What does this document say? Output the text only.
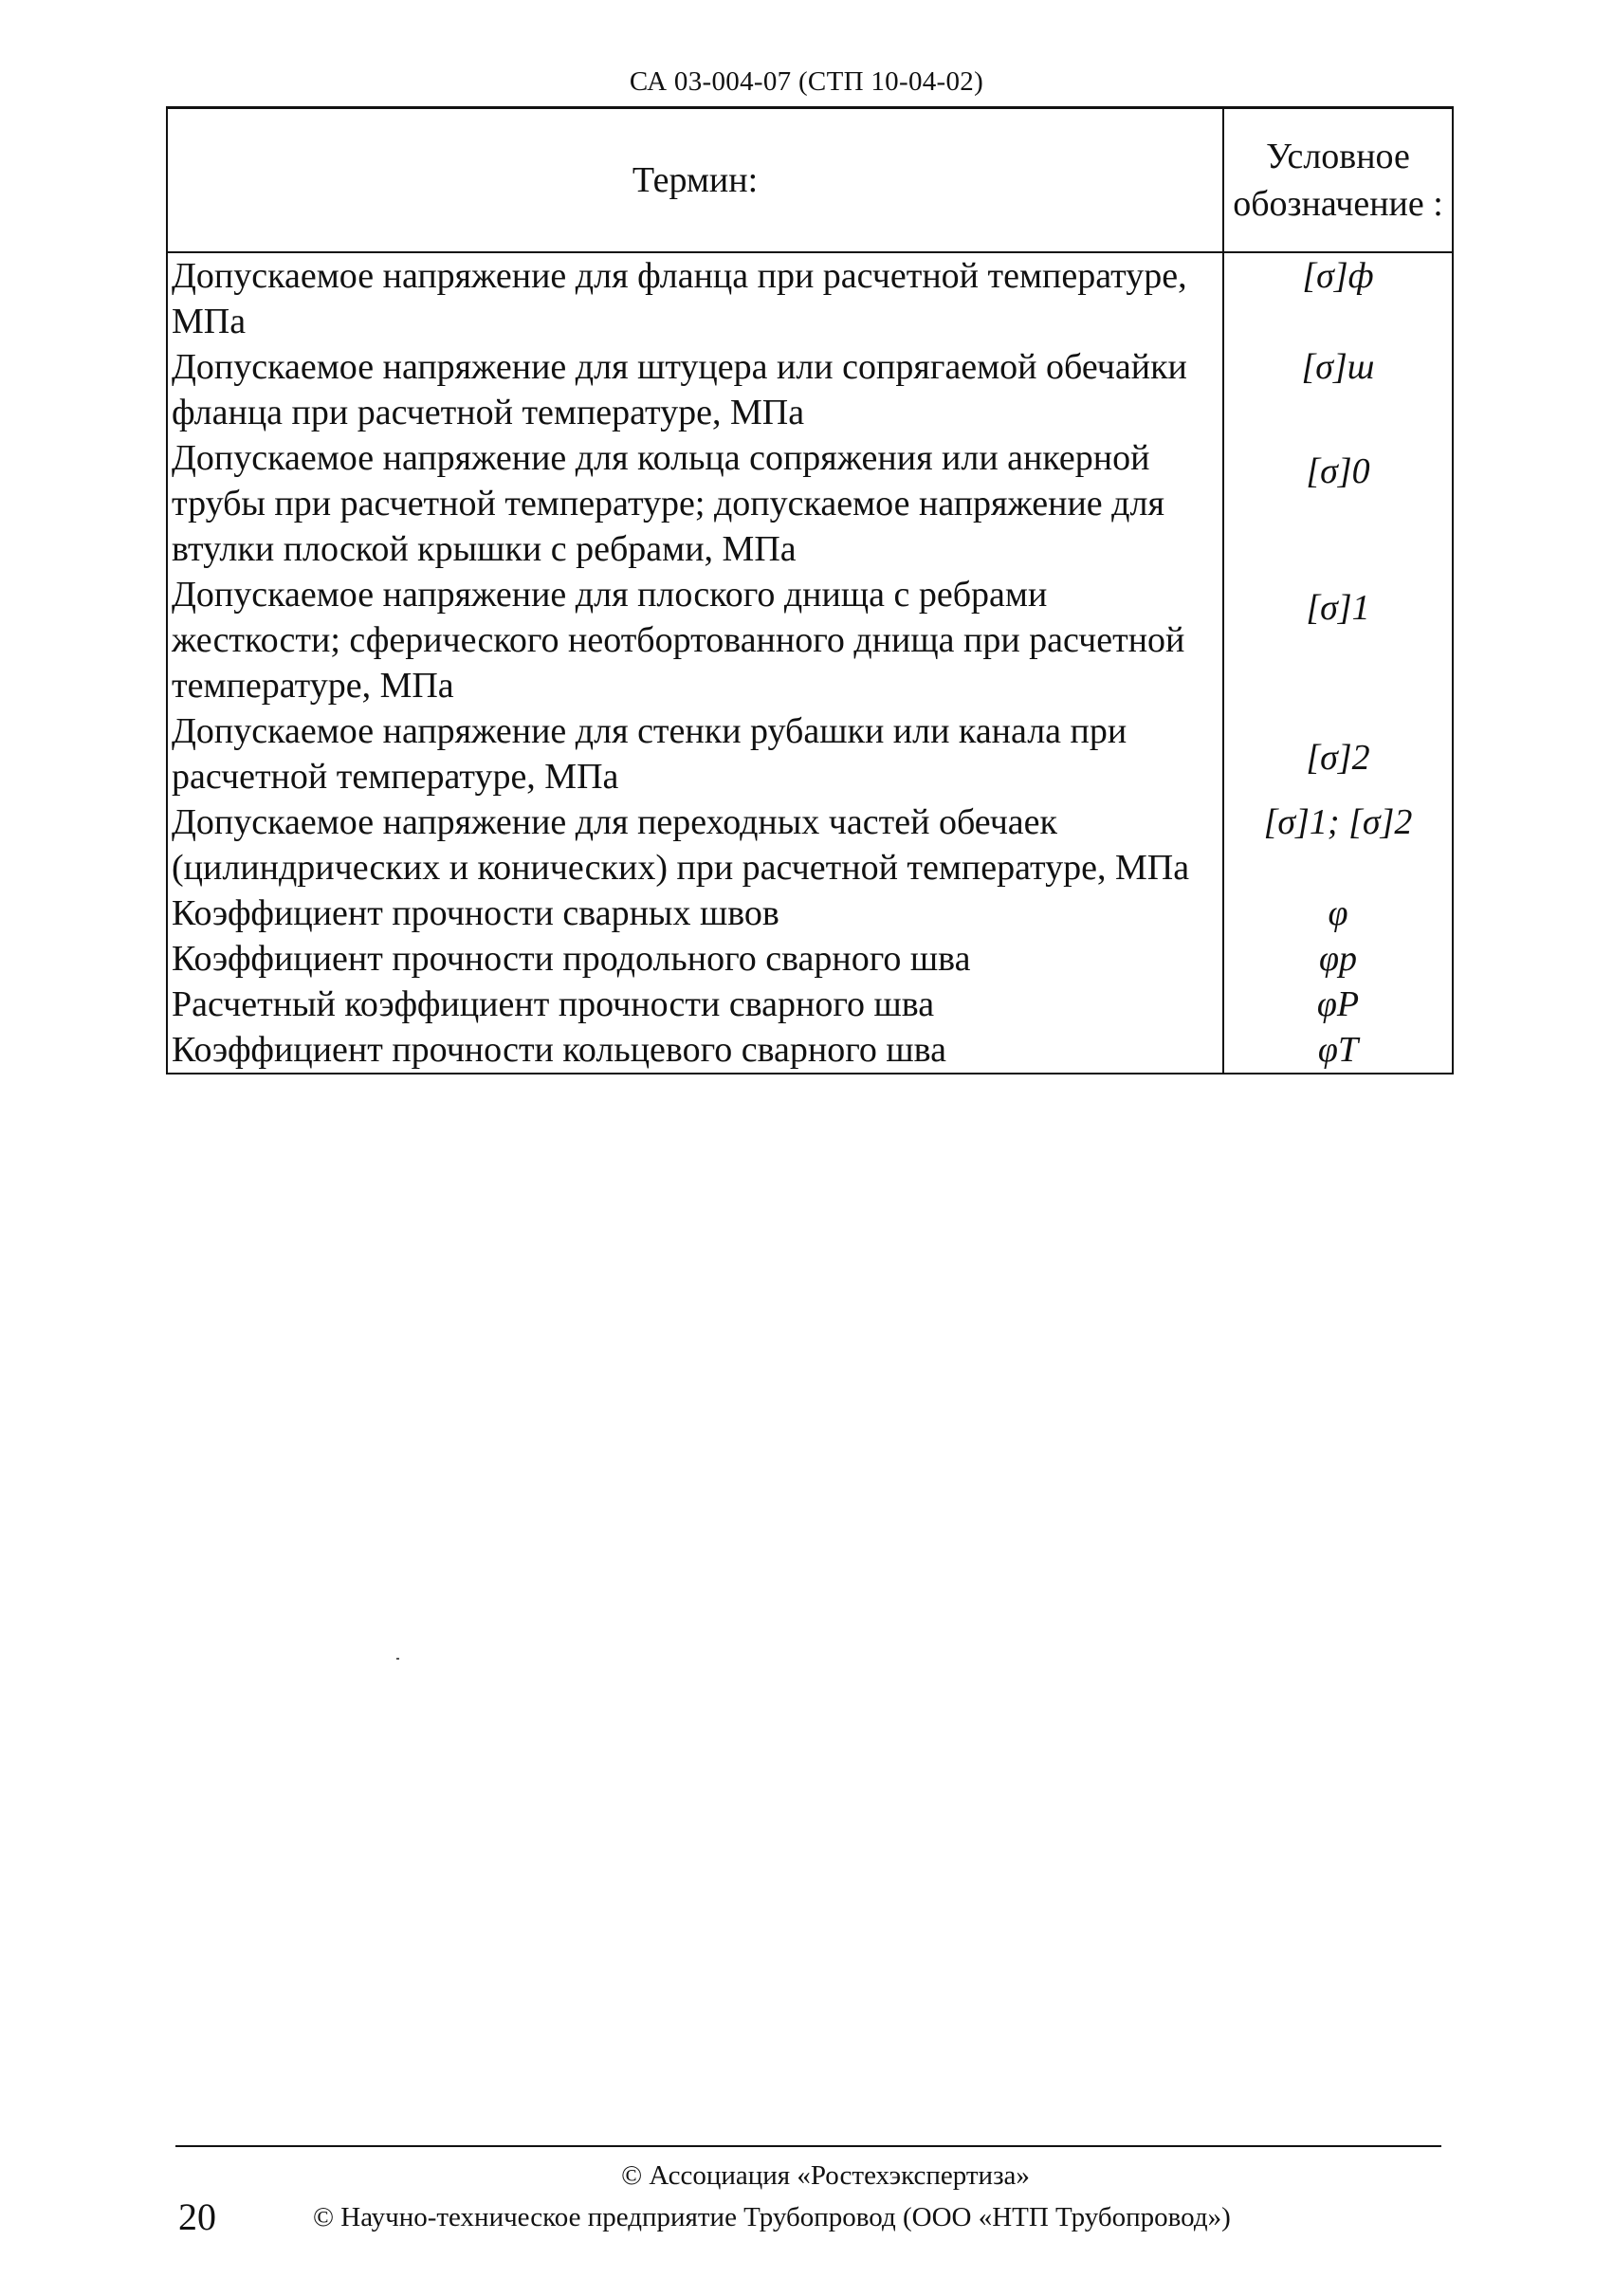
СА 03-004-07 (СТП 10-04-02)
Термин:	Условное обозначение :
Допускаемое напряжение для фланца при расчетной температуре, МПа	[σ]ф
Допускаемое напряжение для штуцера или сопрягаемой обечайки фланца при расчетной температуре, МПа	[σ]ш
Допускаемое напряжение для кольца сопряжения или анкерной трубы при расчетной температуре; допускаемое напряжение для втулки плоской крышки с ребрами, МПа	[σ]0
Допускаемое напряжение для плоского днища с ребрами жесткости; сферического неотбортованного днища при расчетной температуре, МПа	[σ]1
Допускаемое напряжение для стенки рубашки или канала при расчетной температуре, МПа	[σ]2
Допускаемое напряжение для переходных частей обечаек (цилиндрических и конических) при расчетной температуре, МПа	[σ]1; [σ]2
Коэффициент прочности сварных швов	φ
Коэффициент прочности продольного сварного шва	φp
Расчетный коэффициент прочности сварного шва	φP
Коэффициент прочности кольцевого сварного шва	φT
© Ассоциация «Ростехэкспертиза»
20	© Научно-техническое предприятие Трубопровод (ООО «НТП Трубопровод»)
